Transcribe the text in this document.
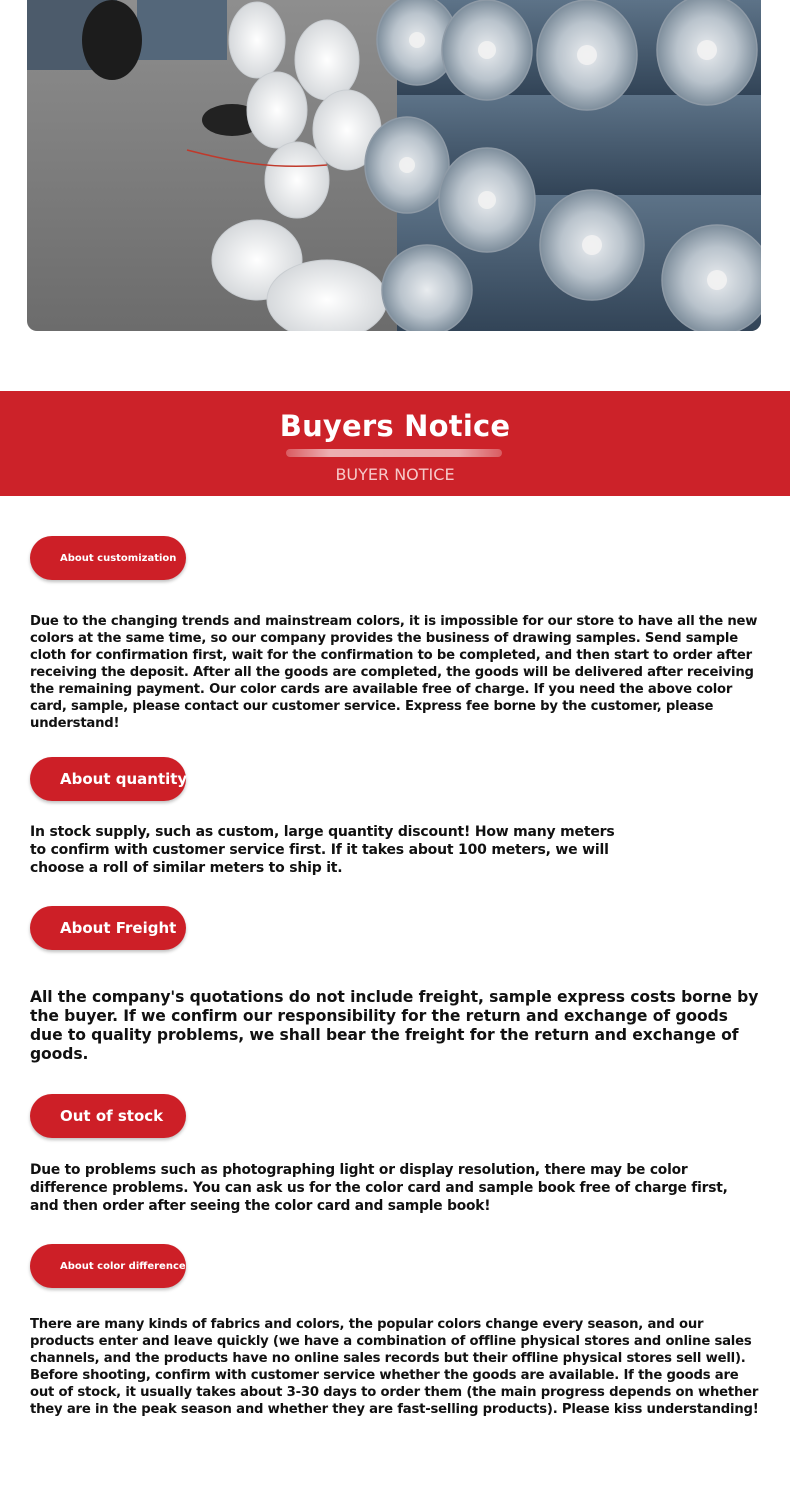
Buyers Notice
BUYER NOTICE
About customization

Due to the changing trends and mainstream colors, it is impossible for our store to have all the new colors at the same time, so our company provides the business of drawing samples. Send sample cloth for confirmation first, wait for the confirmation to be completed, and then start to order after receiving the deposit. After all the goods are completed, the goods will be delivered after receiving the remaining payment. Our color cards are available free of charge. If you need the above color card, sample, please contact our customer service. Express fee borne by the customer, please understand!

About quantity

In stock supply, such as custom, large quantity discount! How many meters to confirm with customer service first. If it takes about 100 meters, we will choose a roll of similar meters to ship it.

About Freight

All the company's quotations do not include freight, sample express costs borne by the buyer. If we confirm our responsibility for the return and exchange of goods due to quality problems, we shall bear the freight for the return and exchange of goods.

Out of stock

Due to problems such as photographing light or display resolution, there may be color difference problems. You can ask us for the color card and sample book free of charge first, and then order after seeing the color card and sample book!

About color difference

There are many kinds of fabrics and colors, the popular colors change every season, and our products enter and leave quickly (we have a combination of offline physical stores and online sales channels, and the products have no online sales records but their offline physical stores sell well). Before shooting, confirm with customer service whether the goods are available. If the goods are out of stock, it usually takes about 3-30 days to order them (the main progress depends on whether they are in the peak season and whether they are fast-selling products). Please kiss understanding!
